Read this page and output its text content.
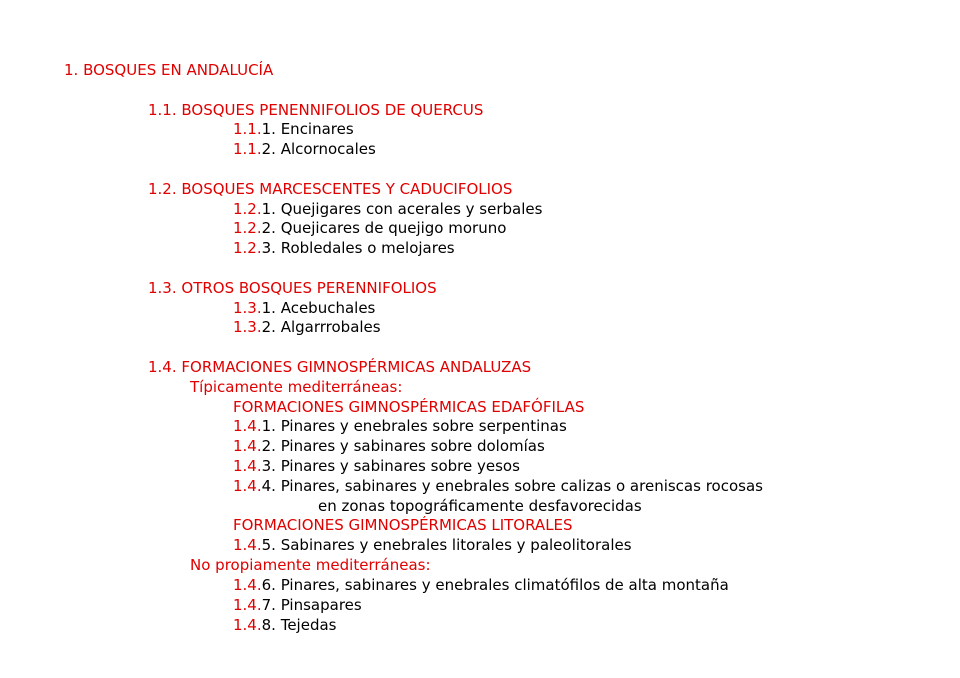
1. BOSQUES EN ANDALUCÍA
1.1. BOSQUES PENENNIFOLIOS DE QUERCUS
1.1.1. Encinares
1.1.2. Alcornocales
1.2. BOSQUES MARCESCENTES Y CADUCIFOLIOS
1.2.1. Quejigares con acerales y serbales
1.2.2. Quejicares de quejigo moruno
1.2.3. Robledales o melojares
1.3. OTROS BOSQUES PERENNIFOLIOS
1.3.1. Acebuchales
1.3.2. Algarrrobales
1.4. FORMACIONES GIMNOSPÉRMICAS ANDALUZAS
Típicamente mediterráneas:
FORMACIONES GIMNOSPÉRMICAS EDAFÓFILAS
1.4.1. Pinares y enebrales sobre serpentinas
1.4.2. Pinares y sabinares sobre dolomías
1.4.3. Pinares y sabinares sobre yesos
1.4.4. Pinares, sabinares y enebrales sobre calizas o areniscas rocosas
en zonas topográficamente desfavorecidas
FORMACIONES GIMNOSPÉRMICAS LITORALES
1.4.5. Sabinares y enebrales litorales y paleolitorales
No propiamente mediterráneas:
1.4.6. Pinares, sabinares y enebrales climatófilos de alta montaña
1.4.7. Pinsapares
1.4.8. Tejedas
